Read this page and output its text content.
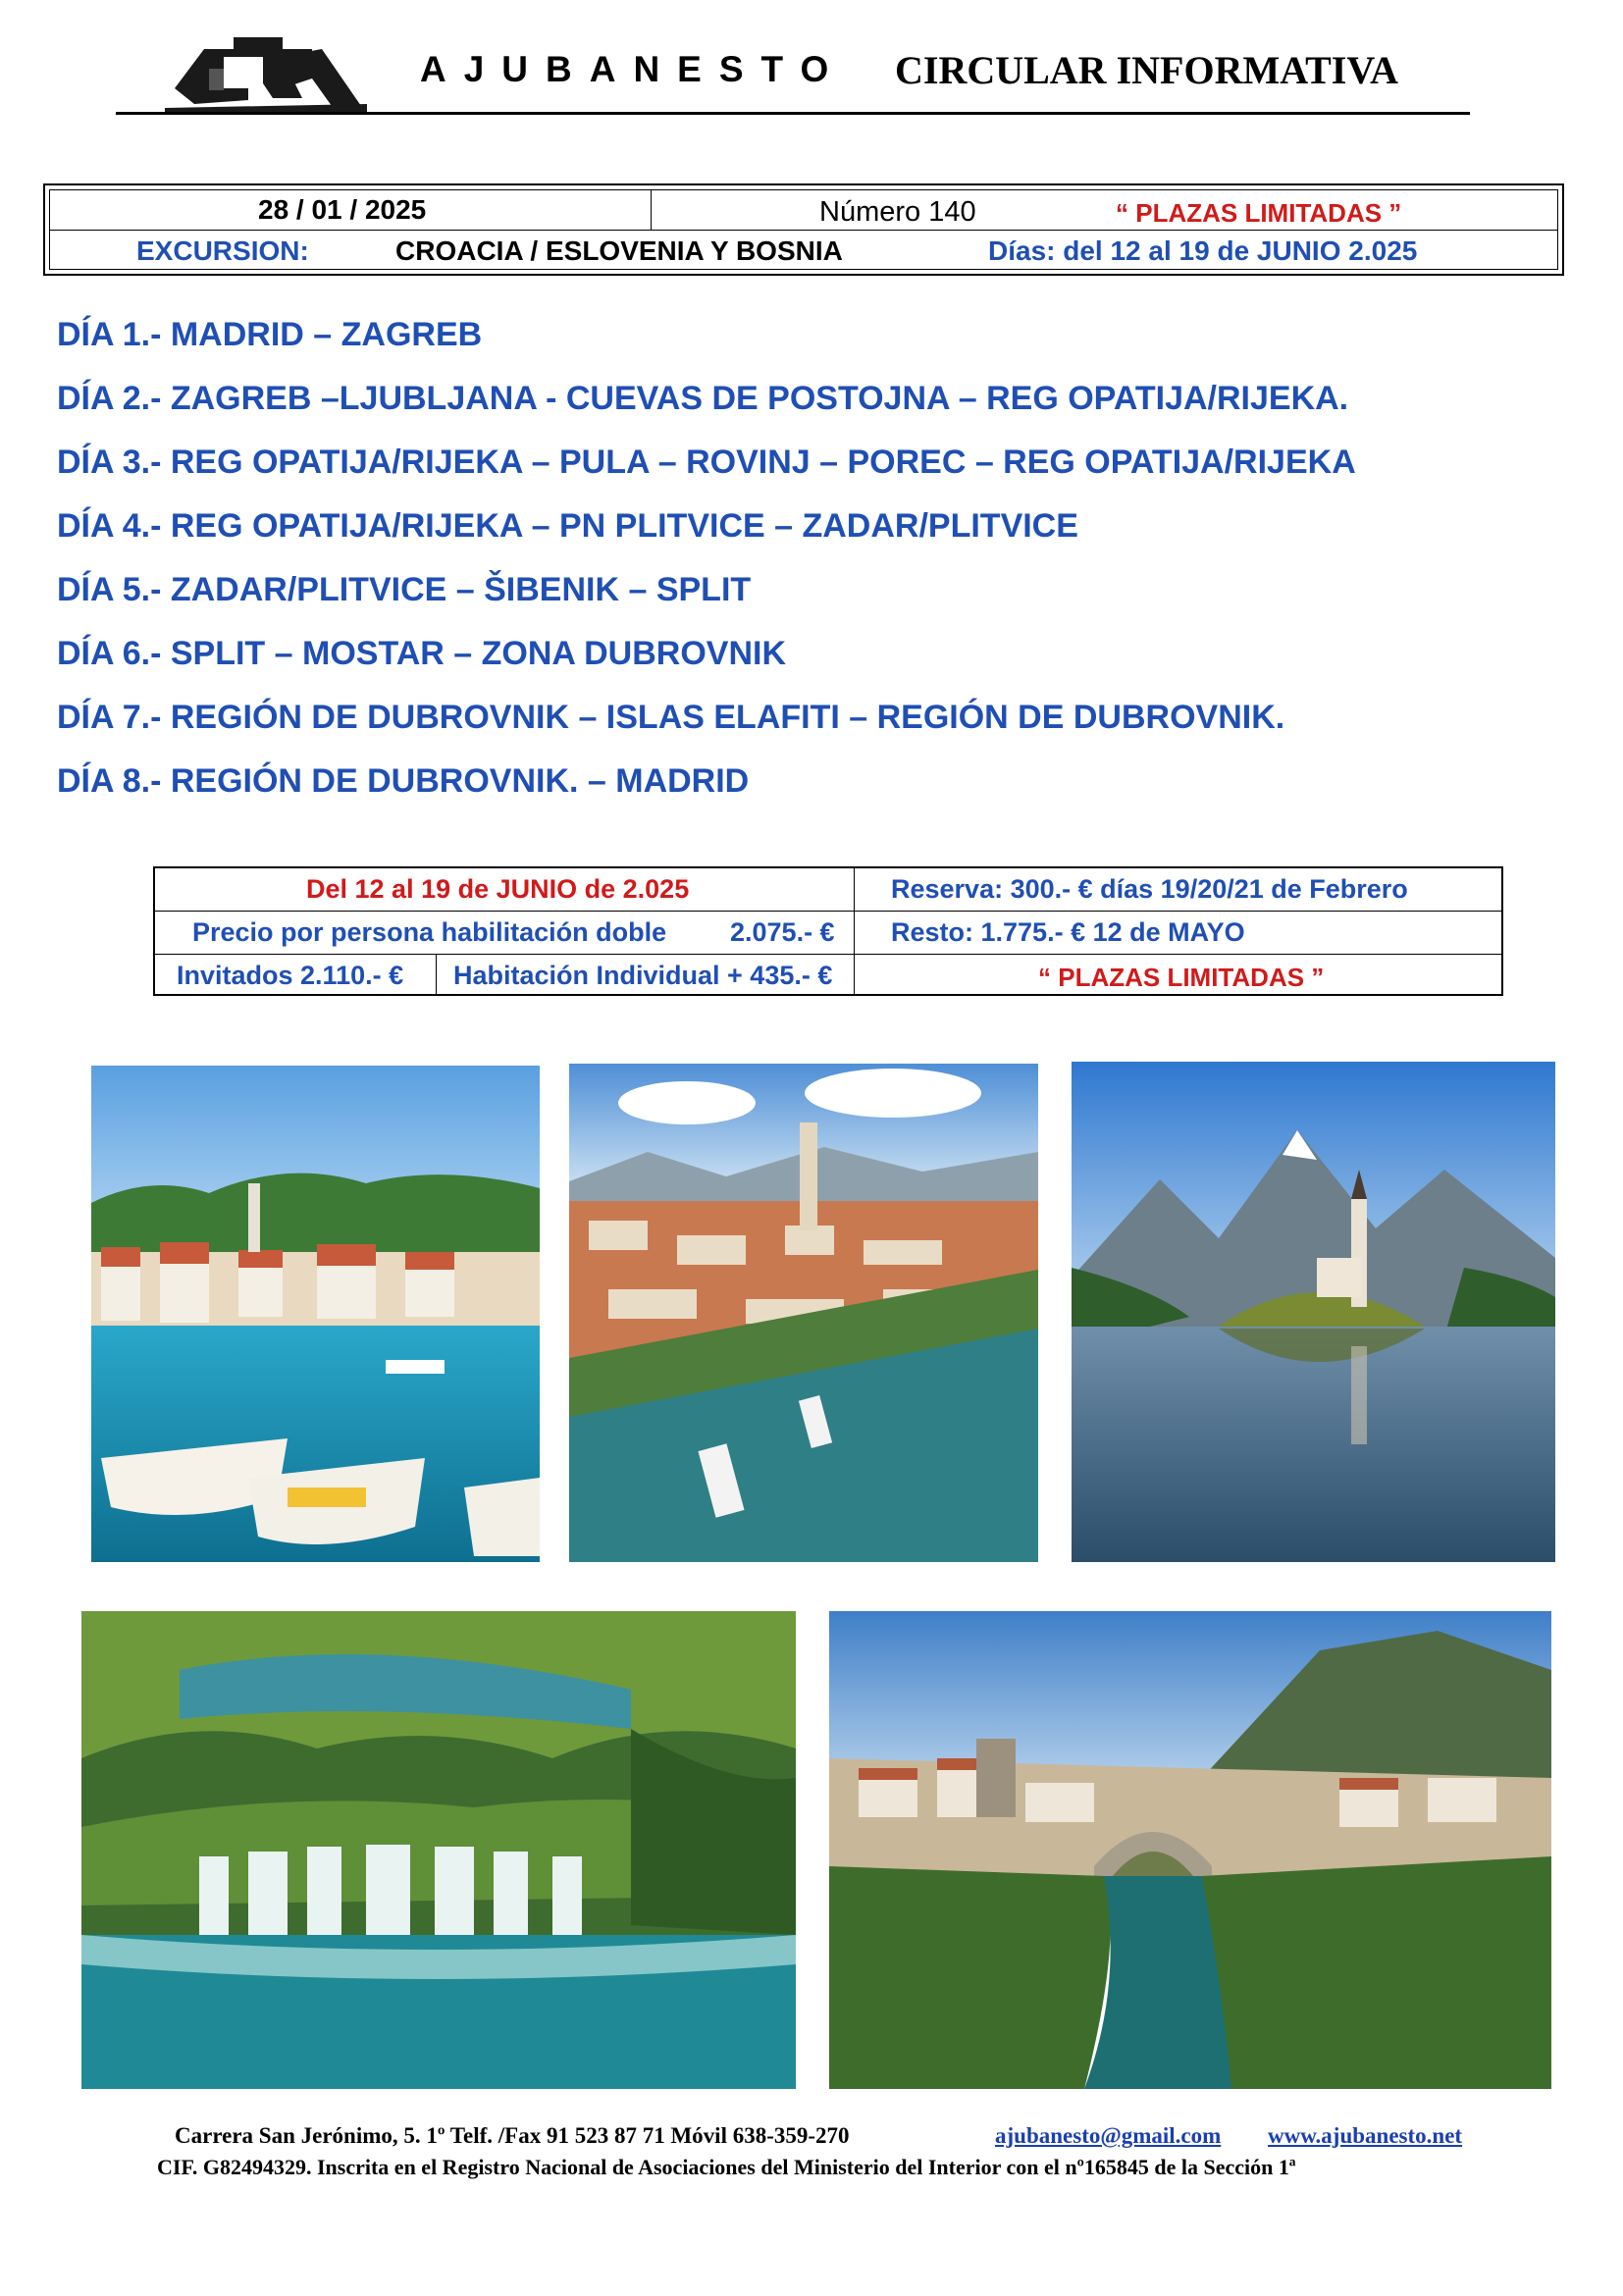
AJUBANESTO CIRCULAR INFORMATIVA
28 / 01 / 2025	Número 140	“ PLAZAS LIMITADAS ”
EXCURSION:	CROACIA / ESLOVENIA Y BOSNIA	Días: del 12 al 19 de JUNIO 2.025
DÍA 1.- MADRID – ZAGREB
DÍA 2.- ZAGREB –LJUBLJANA - CUEVAS DE POSTOJNA – REG OPATIJA/RIJEKA.
DÍA 3.- REG OPATIJA/RIJEKA – PULA – ROVINJ – POREC – REG OPATIJA/RIJEKA
DÍA 4.- REG OPATIJA/RIJEKA – PN PLITVICE – ZADAR/PLITVICE
DÍA 5.- ZADAR/PLITVICE – ŠIBENIK – SPLIT
DÍA 6.- SPLIT – MOSTAR – ZONA DUBROVNIK
DÍA 7.- REGIÓN DE DUBROVNIK – ISLAS ELAFITI – REGIÓN DE DUBROVNIK.
DÍA 8.- REGIÓN DE DUBROVNIK. – MADRID
Del 12 al 19 de JUNIO de 2.025	Reserva: 300.- € días 19/20/21 de Febrero
Precio por persona habilitación doble 2.075.- € Resto: 1.775.- € 12 de MAYO
Invitados 2.110.- € Habitación Individual + 435.- €	“ PLAZAS LIMITADAS ”
Carrera San Jerónimo, 5. 1º Telf. /Fax 91 523 87 71 Móvil 638-359-270	ajubanesto@gmail.com www.ajubanesto.net
CIF. G82494329. Inscrita en el Registro Nacional de Asociaciones del Ministerio del Interior con el nº165845 de la Sección 1ª
